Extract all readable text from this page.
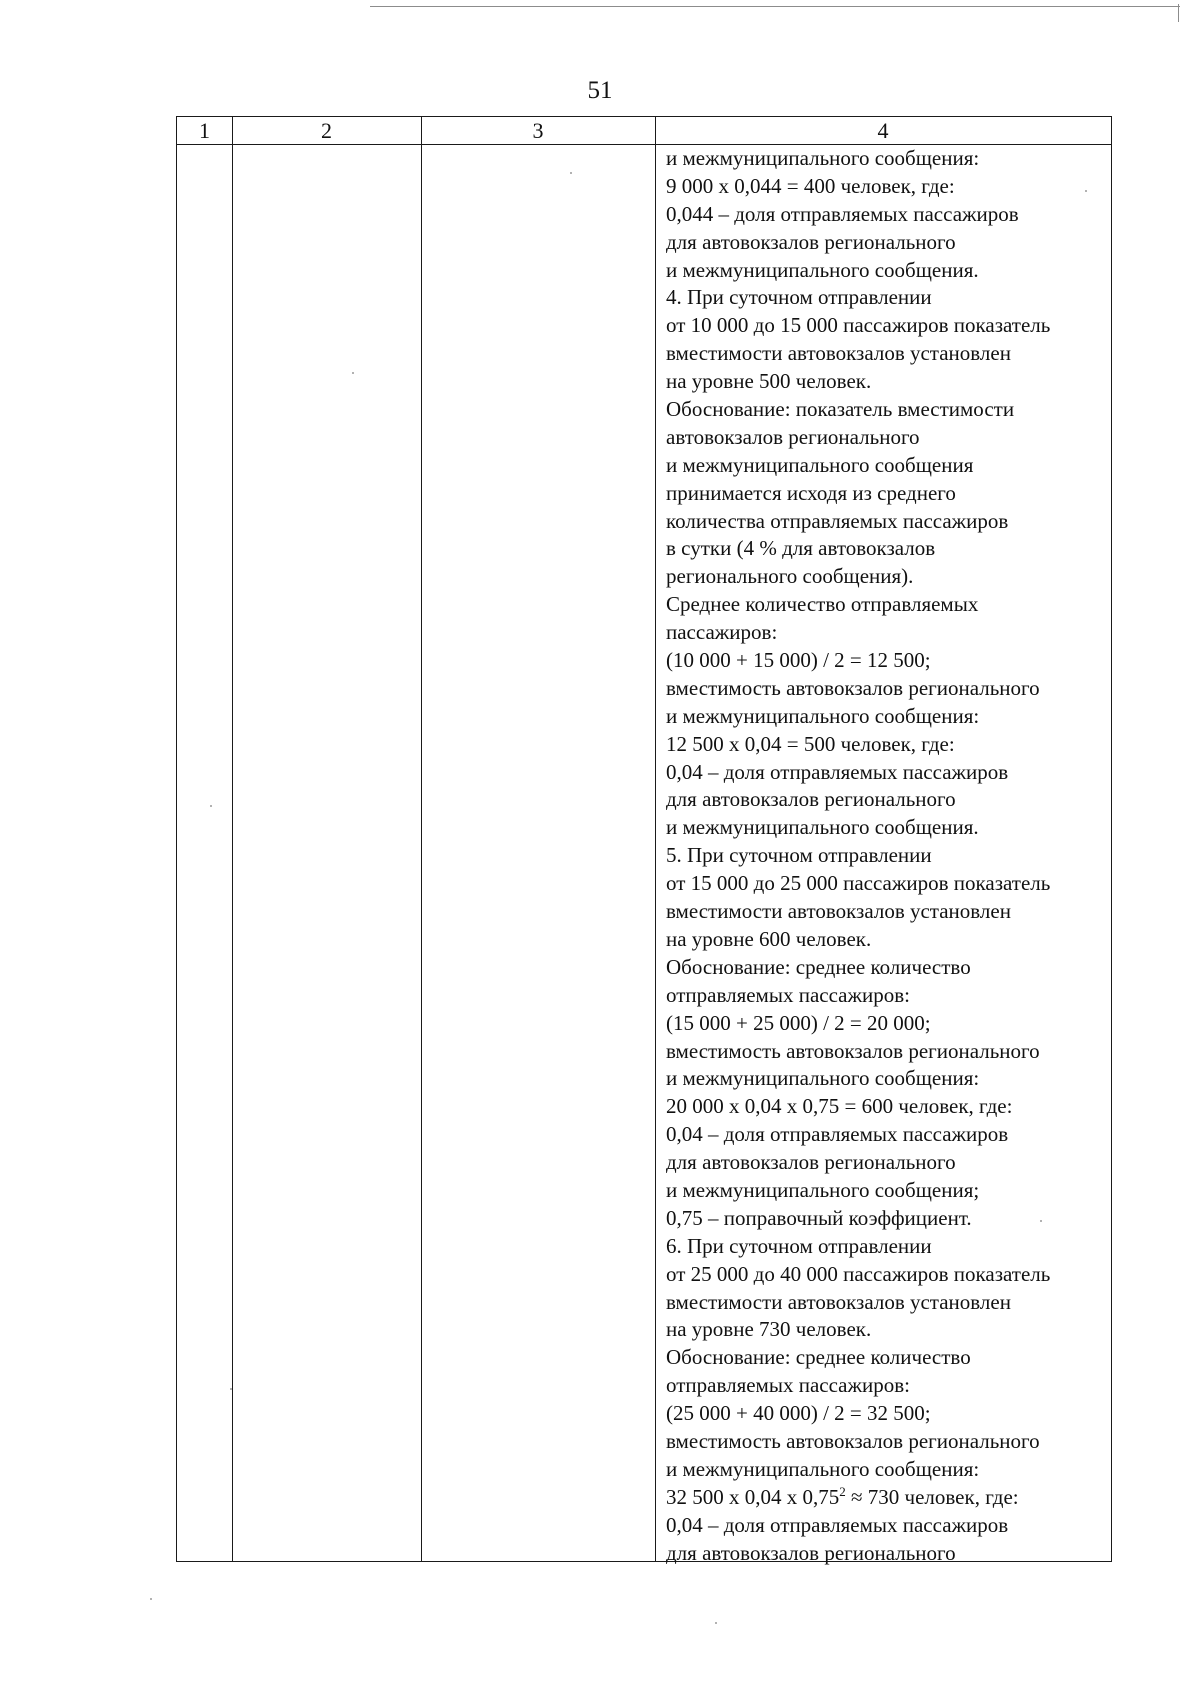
51
1	2	3	4
и межмуниципального сообщения:
9 000 х 0,044 = 400 человек, где:
0,044 – доля отправляемых пассажиров
для автовокзалов регионального
и межмуниципального сообщения.
4. При суточном отправлении
от 10 000 до 15 000 пассажиров показатель
вместимости автовокзалов установлен
на уровне 500 человек.
Обоснование: показатель вместимости
автовокзалов регионального
и межмуниципального сообщения
принимается исходя из среднего
количества отправляемых пассажиров
в сутки (4 % для автовокзалов
регионального сообщения).
Среднее количество отправляемых
пассажиров:
(10 000 + 15 000) / 2 = 12 500;
вместимость автовокзалов регионального
и межмуниципального сообщения:
12 500 х 0,04 = 500 человек, где:
0,04 – доля отправляемых пассажиров
для автовокзалов регионального
и межмуниципального сообщения.
5. При суточном отправлении
от 15 000 до 25 000 пассажиров показатель
вместимости автовокзалов установлен
на уровне 600 человек.
Обоснование: среднее количество
отправляемых пассажиров:
(15 000 + 25 000) / 2 = 20 000;
вместимость автовокзалов регионального
и межмуниципального сообщения:
20 000 х 0,04 х 0,75 = 600 человек, где:
0,04 – доля отправляемых пассажиров
для автовокзалов регионального
и межмуниципального сообщения;
0,75 – поправочный коэффициент.
6. При суточном отправлении
от 25 000 до 40 000 пассажиров показатель
вместимости автовокзалов установлен
на уровне 730 человек.
Обоснование: среднее количество
отправляемых пассажиров:
(25 000 + 40 000) / 2 = 32 500;
вместимость автовокзалов регионального
и межмуниципального сообщения:
32 500 х 0,04 х $0,75^2 \approx 730$ человек, где:
0,04 – доля отправляемых пассажиров
для автовокзалов регионального
